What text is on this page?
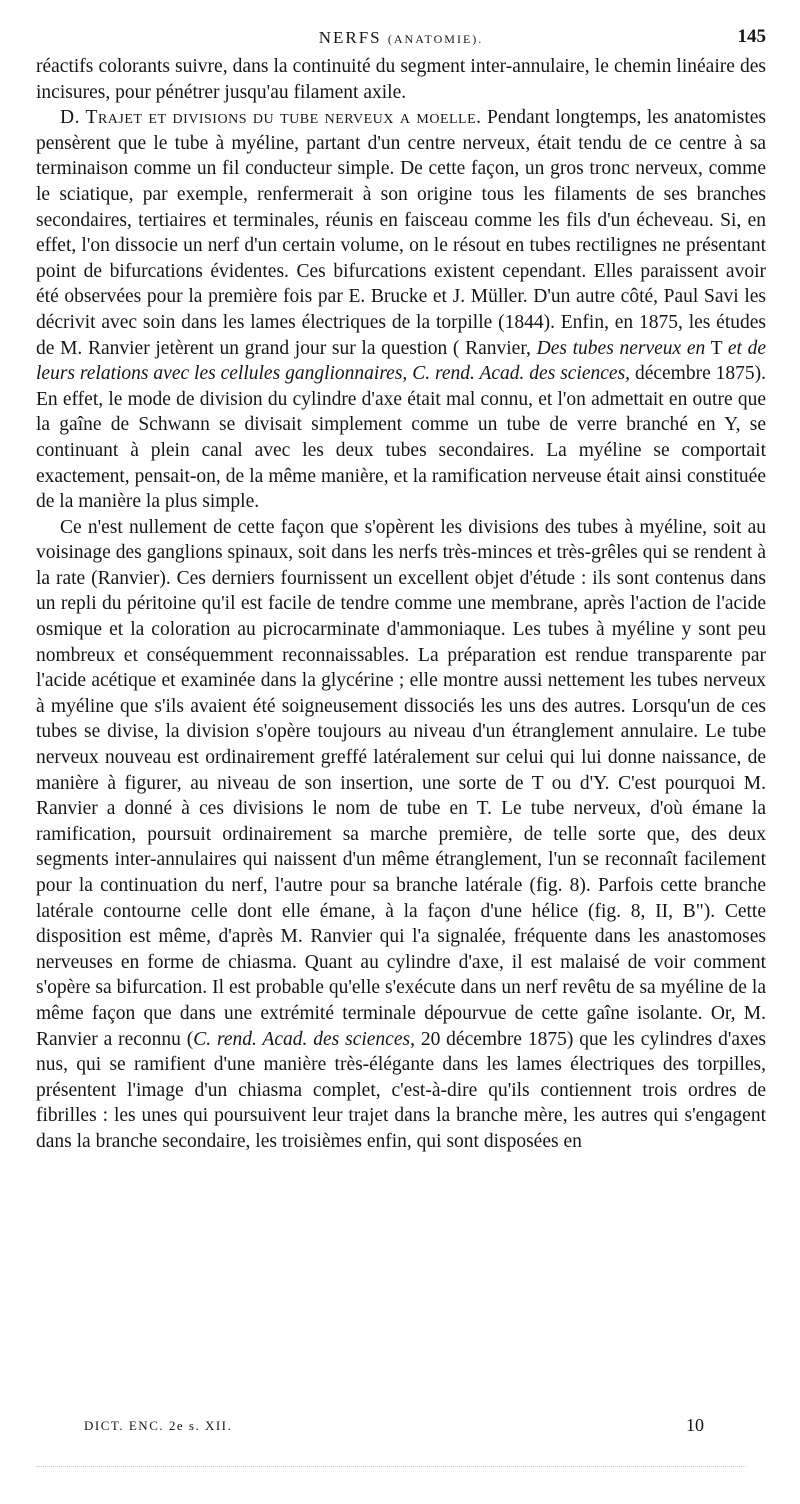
NERFS (ANATOMIE).	145

réactifs colorants suivre, dans la continuité du segment inter-annulaire, le chemin linéaire des incisures, pour pénétrer jusqu'au filament axile.

D. Trajet et divisions du tube nerveux a moelle. Pendant longtemps, les anatomistes pensèrent que le tube à myéline, partant d'un centre nerveux, était tendu de ce centre à sa terminaison comme un fil conducteur simple. De cette façon, un gros tronc nerveux, comme le sciatique, par exemple, renfermerait à son origine tous les filaments de ses branches secondaires, tertiaires et terminales, réunis en faisceau comme les fils d'un écheveau. Si, en effet, l'on dissocie un nerf d'un certain volume, on le résout en tubes rectilignes ne présentant point de bifurcations évidentes. Ces bifurcations existent cependant. Elles paraissent avoir été observées pour la première fois par E. Brucke et J. Müller. D'un autre côté, Paul Savi les décrivit avec soin dans les lames électriques de la torpille (1844). Enfin, en 1875, les études de M. Ranvier jetèrent un grand jour sur la question ( Ranvier, Des tubes nerveux en T et de leurs relations avec les cellules ganglionnaires, C. rend. Acad. des sciences, décembre 1875). En effet, le mode de division du cylindre d'axe était mal connu, et l'on admettait en outre que la gaîne de Schwann se divisait simplement comme un tube de verre branché en Y, se continuant à plein canal avec les deux tubes secondaires. La myéline se comportait exactement, pensait-on, de la même manière, et la ramification nerveuse était ainsi constituée de la manière la plus simple.

Ce n'est nullement de cette façon que s'opèrent les divisions des tubes à myéline, soit au voisinage des ganglions spinaux, soit dans les nerfs très-minces et très-grêles qui se rendent à la rate (Ranvier). Ces derniers fournissent un excellent objet d'étude : ils sont contenus dans un repli du péritoine qu'il est facile de tendre comme une membrane, après l'action de l'acide osmique et la coloration au picrocarminate d'ammoniaque. Les tubes à myéline y sont peu nombreux et conséquemment reconnaissables. La préparation est rendue transparente par l'acide acétique et examinée dans la glycérine ; elle montre aussi nettement les tubes nerveux à myéline que s'ils avaient été soigneusement dissociés les uns des autres. Lorsqu'un de ces tubes se divise, la division s'opère toujours au niveau d'un étranglement annulaire. Le tube nerveux nouveau est ordinairement greffé latéralement sur celui qui lui donne naissance, de manière à figurer, au niveau de son insertion, une sorte de T ou d'Y. C'est pourquoi M. Ranvier a donné à ces divisions le nom de tube en T. Le tube nerveux, d'où émane la ramification, poursuit ordinairement sa marche première, de telle sorte que, des deux segments inter-annulaires qui naissent d'un même étranglement, l'un se reconnaît facilement pour la continuation du nerf, l'autre pour sa branche latérale (fig. 8). Parfois cette branche latérale contourne celle dont elle émane, à la façon d'une hélice (fig. 8, II, B"). Cette disposition est même, d'après M. Ranvier qui l'a signalée, fréquente dans les anastomoses nerveuses en forme de chiasma. Quant au cylindre d'axe, il est malaisé de voir comment s'opère sa bifurcation. Il est probable qu'elle s'exécute dans un nerf revêtu de sa myéline de la même façon que dans une extrémité terminale dépourvue de cette gaîne isolante. Or, M. Ranvier a reconnu (C. rend. Acad. des sciences, 20 décembre 1875) que les cylindres d'axes nus, qui se ramifient d'une manière très-élégante dans les lames électriques des torpilles, présentent l'image d'un chiasma complet, c'est-à-dire qu'ils contiennent trois ordres de fibrilles : les unes qui poursuivent leur trajet dans la branche mère, les autres qui s'engagent dans la branche secondaire, les troisièmes enfin, qui sont disposées en

DICT. ENC. 2e s. XII.	10
